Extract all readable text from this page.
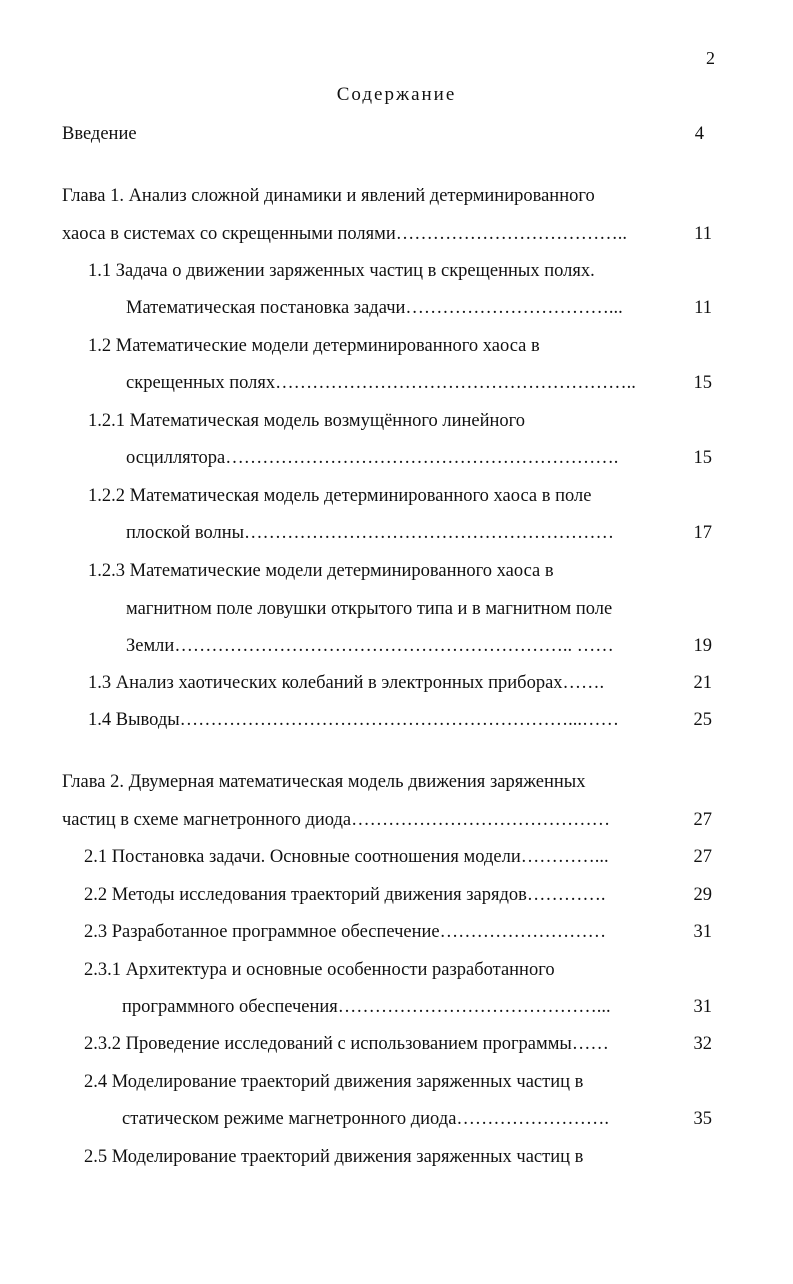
2
Содержание
Введение	4
Глава 1. Анализ сложной динамики и явлений детерминированного
хаоса в системах со скрещенными полями………………………………..	11
1.1 Задача о движении заряженных частиц в скрещенных полях.
Математическая постановка задачи……………………………...	11
1.2 Математические модели детерминированного хаоса в
скрещенных полях…………………………………………………..	15
1.2.1 Математическая модель возмущённого линейного
осциллятора……………………………………………………….	15
1.2.2 Математическая модель детерминированного хаоса в поле
плоской волны……………………………………………………	17
1.2.3 Математические модели детерминированного хаоса в
магнитном поле ловушки открытого типа и в магнитном поле
Земли……………………………………………………….. ……	19
1.3 Анализ хаотических колебаний в электронных приборах…….	21
1.4 Выводы………………………………………………………...……	25
Глава 2. Двумерная математическая модель движения заряженных
частиц в схеме магнетронного диода……………………………………	27
2.1 Постановка задачи. Основные соотношения модели…………...	27
2.2 Методы исследования траекторий движения зарядов………….	29
2.3 Разработанное программное обеспечение………………………	31
2.3.1 Архитектура и основные особенности разработанного
программного обеспечения……………………………………...	31
2.3.2 Проведение исследований с использованием программы……	32
2.4 Моделирование траекторий движения заряженных частиц в
статическом режиме магнетронного диода…………………….	35
2.5 Моделирование траекторий движения заряженных частиц в
